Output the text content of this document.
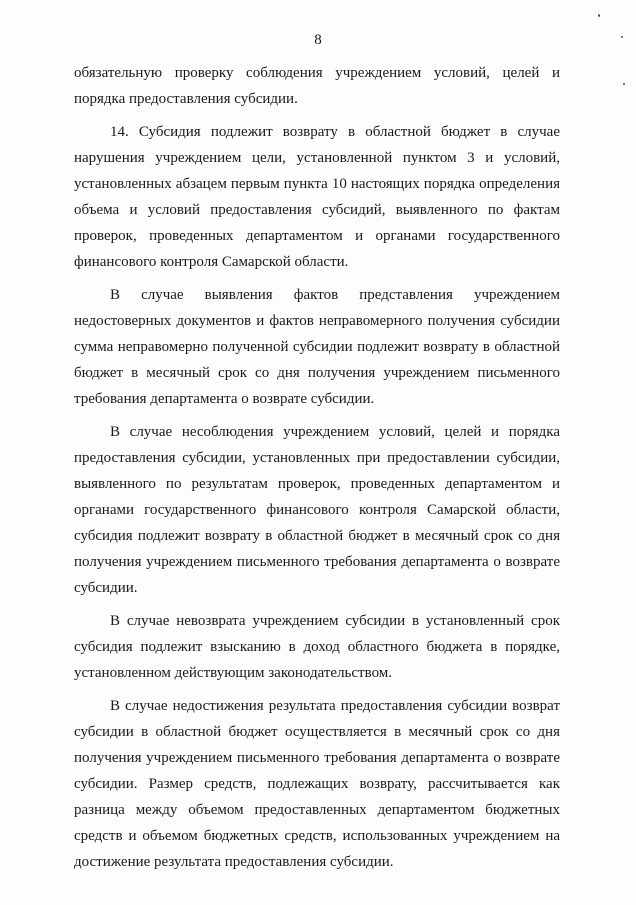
8

обязательную проверку соблюдения учреждением условий, целей и порядка предоставления субсидии.

14. Субсидия подлежит возврату в областной бюджет в случае нарушения учреждением цели, установленной пунктом 3 и условий, установленных абзацем первым пункта 10 настоящих порядка определения объема и условий предоставления субсидий, выявленного по фактам проверок, проведенных департаментом и органами государственного финансового контроля Самарской области.

В случае выявления фактов представления учреждением недостоверных документов и фактов неправомерного получения субсидии сумма неправомерно полученной субсидии подлежит возврату в областной бюджет в месячный срок со дня получения учреждением письменного требования департамента о возврате субсидии.

В случае несоблюдения учреждением условий, целей и порядка предоставления субсидии, установленных при предоставлении субсидии, выявленного по результатам проверок, проведенных департаментом и органами государственного финансового контроля Самарской области, субсидия подлежит возврату в областной бюджет в месячный срок со дня получения учреждением письменного требования департамента о возврате субсидии.

В случае невозврата учреждением субсидии в установленный срок субсидия подлежит взысканию в доход областного бюджета в порядке, установленном действующим законодательством.

В случае недостижения результата предоставления субсидии возврат субсидии в областной бюджет осуществляется в месячный срок со дня получения учреждением письменного требования департамента о возврате субсидии. Размер средств, подлежащих возврату, рассчитывается как разница между объемом предоставленных департаментом бюджетных средств и объемом бюджетных средств, использованных учреждением на достижение результата предоставления субсидии.
